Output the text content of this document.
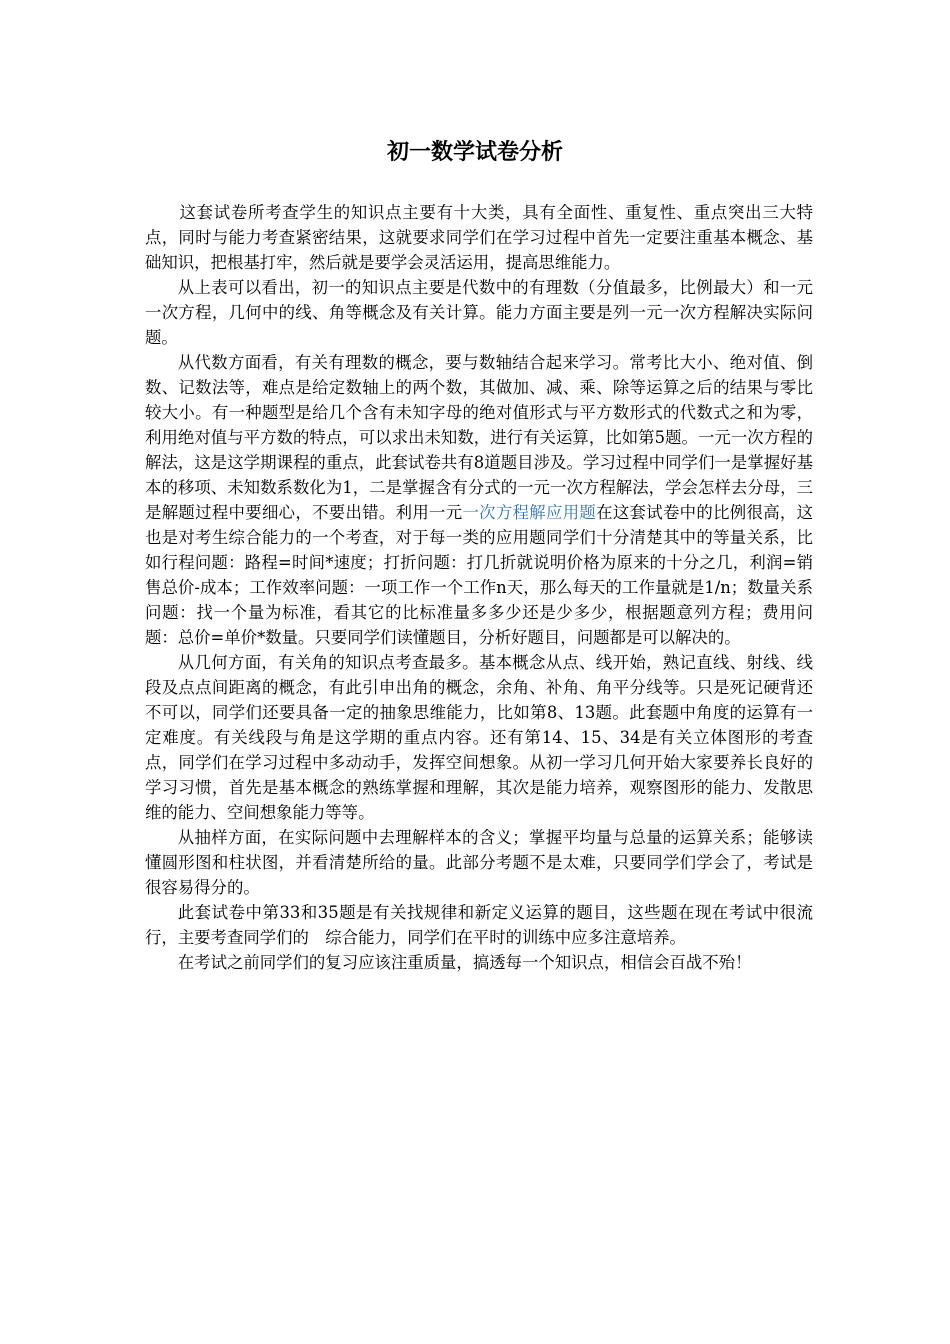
初一数学试卷分析

这套试卷所考查学生的知识点主要有十大类，具有全面性、重复性、重点突出三大特点，同时与能力考查紧密结果，这就要求同学们在学习过程中首先一定要注重基本概念、基础知识，把根基打牢，然后就是要学会灵活运用，提高思维能力。

从上表可以看出，初一的知识点主要是代数中的有理数（分值最多，比例最大）和一元一次方程，几何中的线、角等概念及有关计算。能力方面主要是列一元一次方程解决实际问题。

从代数方面看，有关有理数的概念，要与数轴结合起来学习。常考比大小、绝对值、倒数、记数法等，难点是给定数轴上的两个数，其做加、减、乘、除等运算之后的结果与零比较大小。有一种题型是给几个含有未知字母的绝对值形式与平方数形式的代数式之和为零，利用绝对值与平方数的特点，可以求出未知数，进行有关运算，比如第5题。一元一次方程的解法，这是这学期课程的重点，此套试卷共有8道题目涉及。学习过程中同学们一是掌握好基本的移项、未知数系数化为1，二是掌握含有分式的一元一次方程解法，学会怎样去分母，三是解题过程中要细心，不要出错。利用一元一次方程解应用题在这套试卷中的比例很高，这也是对考生综合能力的一个考查，对于每一类的应用题同学们十分清楚其中的等量关系，比如行程问题：路程=时间*速度；打折问题：打几折就说明价格为原来的十分之几，利润=销售总价-成本；工作效率问题：一项工作一个工作n天，那么每天的工作量就是1/n；数量关系问题：找一个量为标准，看其它的比标准量多多少还是少多少，根据题意列方程；费用问题：总价=单价*数量。只要同学们读懂题目，分析好题目，问题都是可以解决的。

从几何方面，有关角的知识点考查最多。基本概念从点、线开始，熟记直线、射线、线段及点点间距离的概念，有此引申出角的概念，余角、补角、角平分线等。只是死记硬背还不可以，同学们还要具备一定的抽象思维能力，比如第8、13题。此套题中角度的运算有一定难度。有关线段与角是这学期的重点内容。还有第14、15、34是有关立体图形的考查点，同学们在学习过程中多动动手，发挥空间想象。从初一学习几何开始大家要养长良好的学习习惯，首先是基本概念的熟练掌握和理解，其次是能力培养，观察图形的能力、发散思维的能力、空间想象能力等等。

从抽样方面，在实际问题中去理解样本的含义；掌握平均量与总量的运算关系；能够读懂圆形图和柱状图，并看清楚所给的量。此部分考题不是太难，只要同学们学会了，考试是很容易得分的。

此套试卷中第33和35题是有关找规律和新定义运算的题目，这些题在现在考试中很流行，主要考查同学们的　综合能力，同学们在平时的训练中应多注意培养。

在考试之前同学们的复习应该注重质量，搞透每一个知识点，相信会百战不殆！
